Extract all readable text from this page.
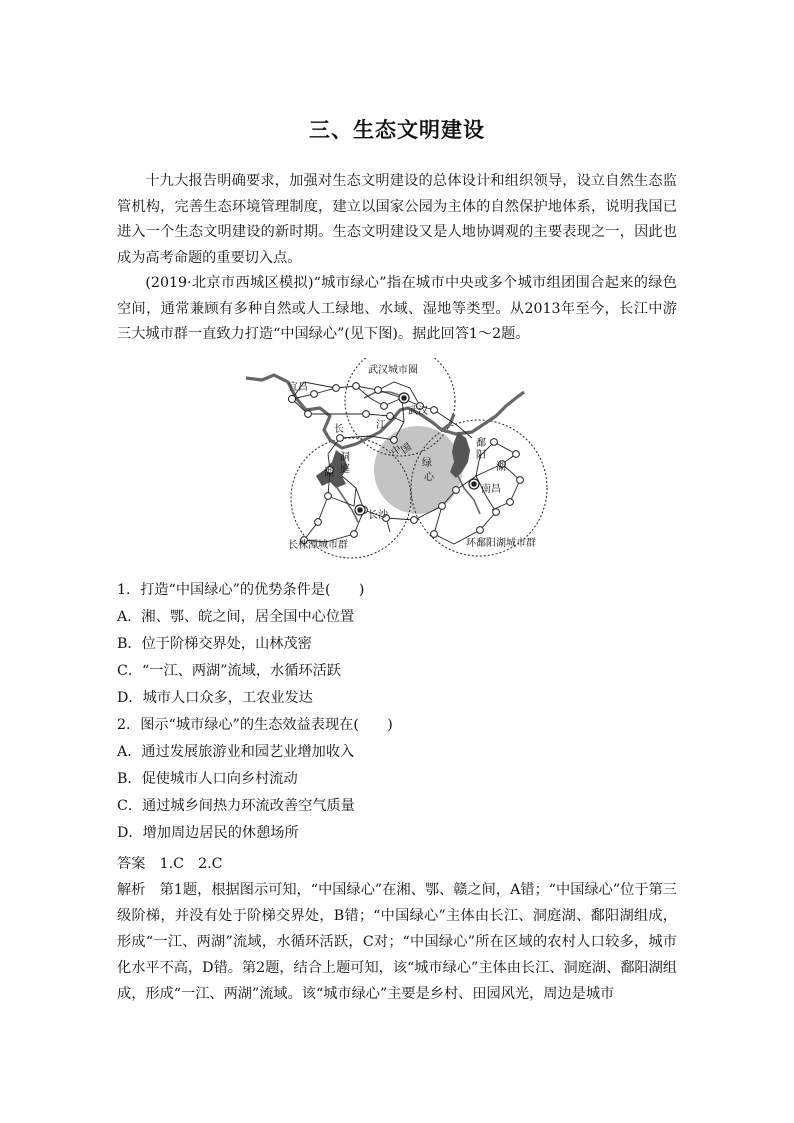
三、生态文明建设
十九大报告明确要求，加强对生态文明建设的总体设计和组织领导，设立自然生态监管机构，完善生态环境管理制度，建立以国家公园为主体的自然保护地体系，说明我国已进入一个生态文明建设的新时期。生态文明建设又是人地协调观的主要表现之一，因此也成为高考命题的重要切入点。
(2019·北京市西城区模拟)“城市绿心”指在城市中央或多个城市组团围合起来的绿色空间，通常兼顾有多种自然或人工绿地、水域、湿地等类型。从2013年至今，长江中游三大城市群一直致力打造“中国绿心”(见下图)。据此回答1～2题。
宜昌
武汉城市圈
武汉
长	江
洞
庭
湖
中
国
绿
心
鄱
阳
湖
南昌
长沙
长株潭城市群	环鄱阳湖城市群
1．打造“中国绿心”的优势条件是(　　)
A．湘、鄂、皖之间，居全国中心位置
B．位于阶梯交界处，山林茂密
C．“一江、两湖”流域，水循环活跃
D．城市人口众多，工农业发达
2．图示“城市绿心”的生态效益表现在(　　)
A．通过发展旅游业和园艺业增加收入
B．促使城市人口向乡村流动
C．通过城乡间热力环流改善空气质量
D．增加周边居民的休憩场所
答案　1.C　2.C
解析　第1题，根据图示可知，“中国绿心”在湘、鄂、赣之间，A错；“中国绿心”位于第三级阶梯，并没有处于阶梯交界处，B错；“中国绿心”主体由长江、洞庭湖、鄱阳湖组成，形成“一江、两湖”流域，水循环活跃，C对；“中国绿心”所在区域的农村人口较多，城市化水平不高，D错。第2题，结合上题可知，该“城市绿心”主体由长江、洞庭湖、鄱阳湖组成，形成“一江、两湖”流域。该“城市绿心”主要是乡村、田园风光，周边是城市
